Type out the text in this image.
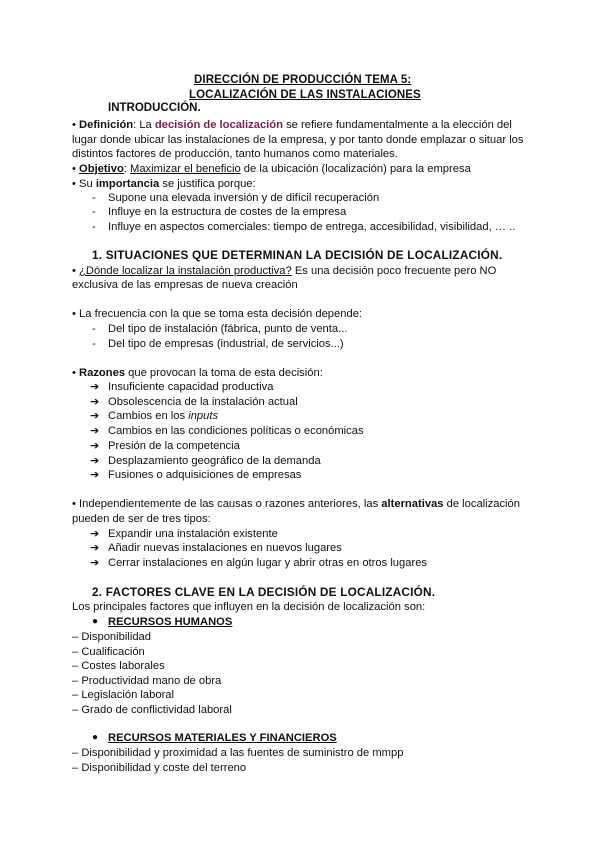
DIRECCIÓN DE PRODUCCIÓN TEMA 5:
LOCALIZACIÓN DE LAS INSTALACIONES
INTRODUCCIÓN.
• Definición: La decisión de localización se refiere fundamentalmente a la elección del
lugar donde ubicar las instalaciones de la empresa, y por tanto donde emplazar o situar los
distintos factores de producción, tanto humanos como materiales.
• Objetivo: Maximizar el beneficio de la ubicación (localización) para la empresa
• Su importancia se justifica porque:
- Supone una elevada inversión y de difícil recuperación
- Influye en la estructura de costes de la empresa
- Influye en aspectos comerciales: tiempo de entrega, accesibilidad, visibilidad, … ..
1. SITUACIONES QUE DETERMINAN LA DECISIÓN DE LOCALIZACIÓN.
• ¿Dónde localizar la instalación productiva? Es una decisión poco frecuente pero NO
exclusiva de las empresas de nueva creación
• La frecuencia con la que se toma esta decisión depende:
- Del tipo de instalación (fábrica, punto de venta...
- Del tipo de empresas (industrial, de servicios...)
• Razones que provocan la toma de esta decisión:
➔ Insuficiente capacidad productiva
➔ Obsolescencia de la instalación actual
➔ Cambios en los inputs
➔ Cambios en las condiciones políticas o económicas
➔ Presión de la competencia
➔ Desplazamiento geográfico de la demanda
➔ Fusiones o adquisiciones de empresas
• Independientemente de las causas o razones anteriores, las alternativas de localización
pueden de ser de tres tipos:
➔ Expandir una instalación existente
➔ Añadir nuevas instalaciones en nuevos lugares
➔ Cerrar instalaciones en algún lugar y abrir otras en otros lugares
2. FACTORES CLAVE EN LA DECISIÓN DE LOCALIZACIÓN.
Los principales factores que influyen en la decisión de localización son:
● RECURSOS HUMANOS
– Disponibilidad
– Cualificación
– Costes laborales
– Productividad mano de obra
– Legislación laboral
– Grado de conflictividad laboral
● RECURSOS MATERIALES Y FINANCIEROS
– Disponibilidad y proximidad a las fuentes de suministro de mmpp
– Disponibilidad y coste del terreno
